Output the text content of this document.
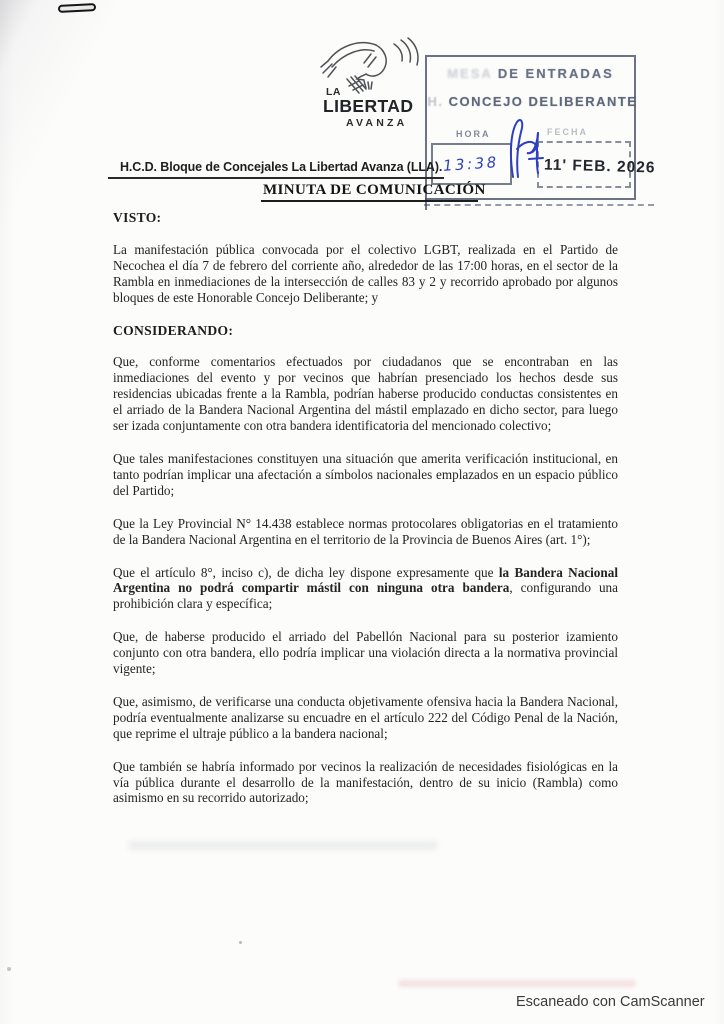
LA
LIBERTAD
AVANZA
MESA DE ENTRADAS
H. CONCEJO DELIBERANTE
HORA	FECHA
13:38	11' FEB. 2026
H.C.D. Bloque de Concejales La Libertad Avanza (LLA).
MINUTA DE COMUNICACIÓN
VISTO:

La manifestación pública convocada por el colectivo LGBT, realizada en el Partido de Necochea el día 7 de febrero del corriente año, alrededor de las 17:00 horas, en el sector de la Rambla en inmediaciones de la intersección de calles 83 y 2 y recorrido aprobado por algunos bloques de este Honorable Concejo Deliberante; y

CONSIDERANDO:

Que, conforme comentarios efectuados por ciudadanos que se encontraban en las inmediaciones del evento y por vecinos que habrían presenciado los hechos desde sus residencias ubicadas frente a la Rambla, podrían haberse producido conductas consistentes en el arriado de la Bandera Nacional Argentina del mástil emplazado en dicho sector, para luego ser izada conjuntamente con otra bandera identificatoria del mencionado colectivo;

Que tales manifestaciones constituyen una situación que amerita verificación institucional, en tanto podrían implicar una afectación a símbolos nacionales emplazados en un espacio público del Partido;

Que la Ley Provincial N° 14.438 establece normas protocolares obligatorias en el tratamiento de la Bandera Nacional Argentina en el territorio de la Provincia de Buenos Aires (art. 1°);

Que el artículo 8°, inciso c), de dicha ley dispone expresamente que la Bandera Nacional Argentina no podrá compartir mástil con ninguna otra bandera, configurando una prohibición clara y específica;

Que, de haberse producido el arriado del Pabellón Nacional para su posterior izamiento conjunto con otra bandera, ello podría implicar una violación directa a la normativa provincial vigente;

Que, asimismo, de verificarse una conducta objetivamente ofensiva hacia la Bandera Nacional, podría eventualmente analizarse su encuadre en el artículo 222 del Código Penal de la Nación, que reprime el ultraje público a la bandera nacional;

Que también se habría informado por vecinos la realización de necesidades fisiológicas en la vía pública durante el desarrollo de la manifestación, dentro de su inicio (Rambla) como asimismo en su recorrido autorizado;

Escaneado con CamScanner
